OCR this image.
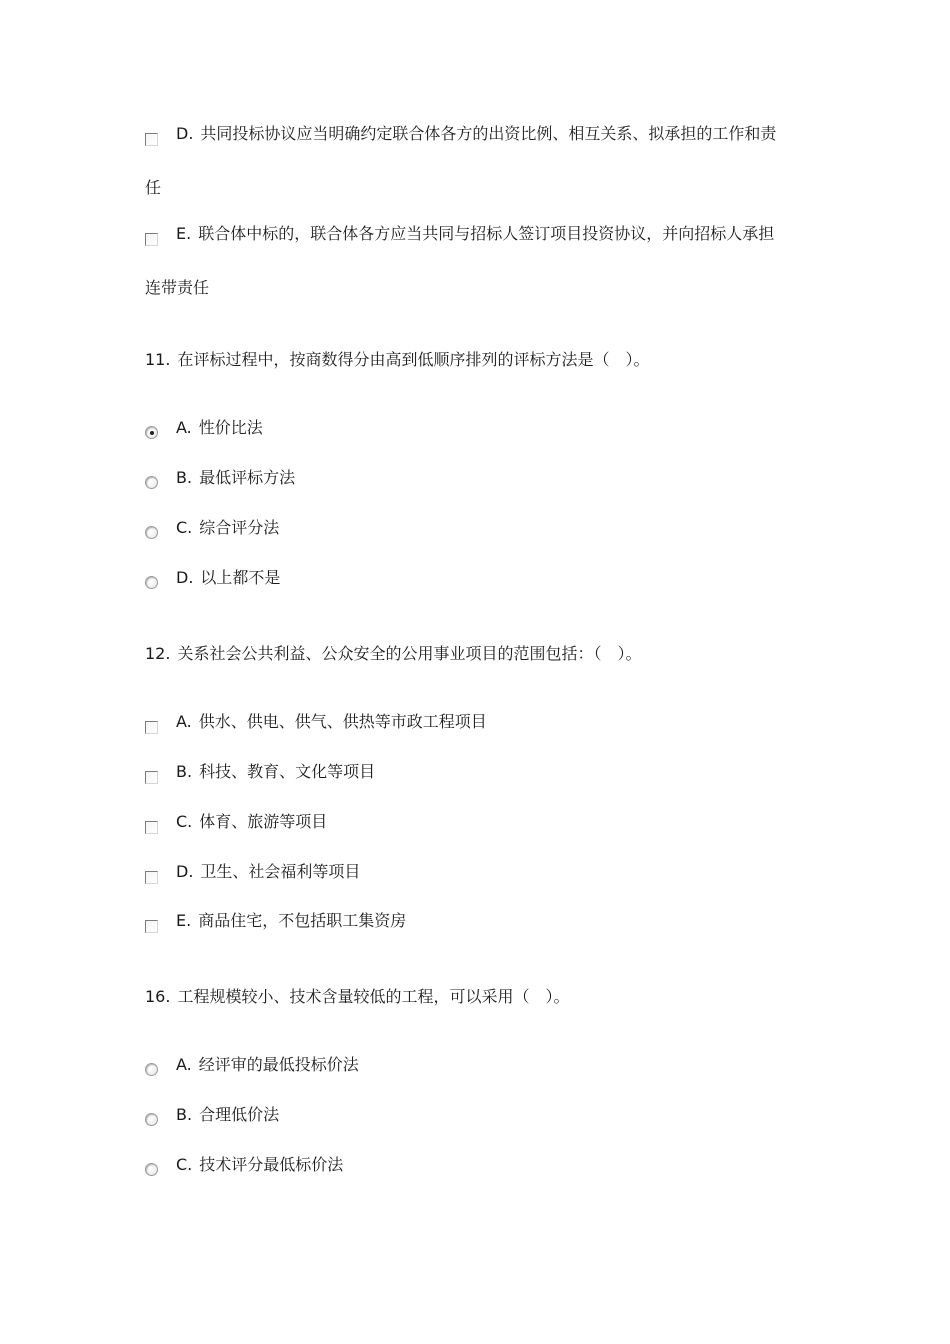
D. 共同投标协议应当明确约定联合体各方的出资比例、相互关系、拟承担的工作和责
任
E. 联合体中标的，联合体各方应当共同与招标人签订项目投资协议，并向招标人承担
连带责任
11. 在评标过程中，按商数得分由高到低顺序排列的评标方法是（　）。
A. 性价比法
B. 最低评标方法
C. 综合评分法
D. 以上都不是
12. 关系社会公共利益、公众安全的公用事业项目的范围包括：（　）。
A. 供水、供电、供气、供热等市政工程项目
B. 科技、教育、文化等项目
C. 体育、旅游等项目
D. 卫生、社会福利等项目
E. 商品住宅，不包括职工集资房
16. 工程规模较小、技术含量较低的工程，可以采用（　）。
A. 经评审的最低投标价法
B. 合理低价法
C. 技术评分最低标价法
